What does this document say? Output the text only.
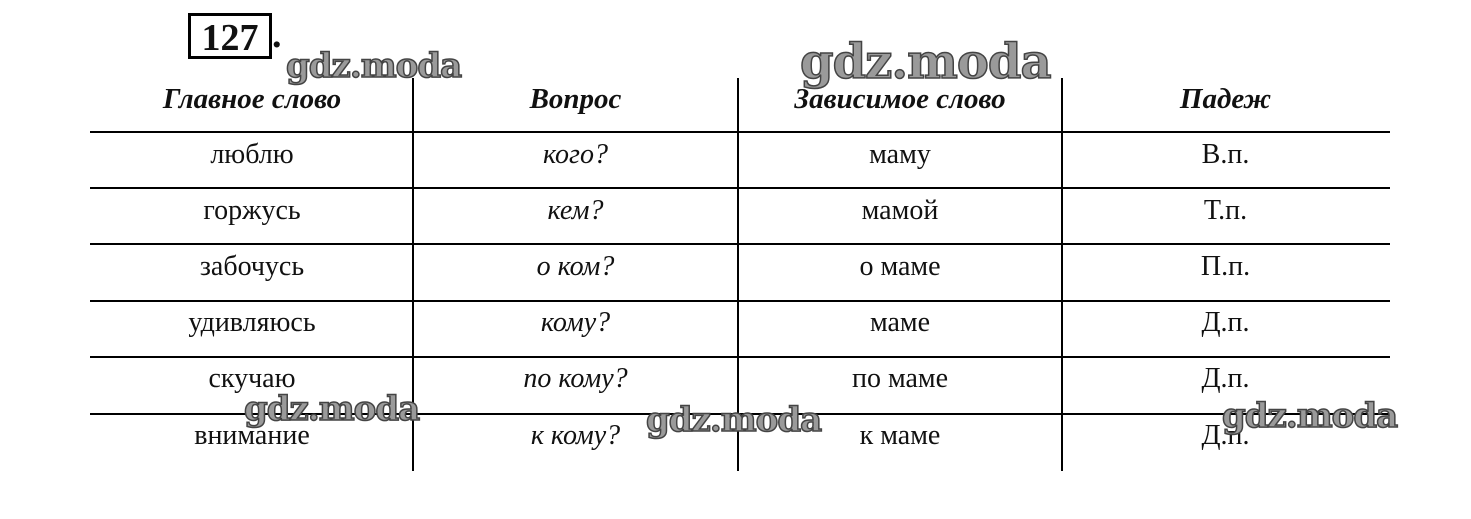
127 .
Главное слово	Вопрос	Зависимое слово	Падеж
люблю	кого?	маму	В.п.
горжусь	кем?	мамой	Т.п.
забочусь	о ком?	о маме	П.п.
удивляюсь	кому?	маме	Д.п.
скучаю	по кому?	по маме	Д.п.
внимание	к кому?	к маме	Д.п.
gdz.moda	gdz.moda
gdz.moda	gdz.moda	gdz.moda
